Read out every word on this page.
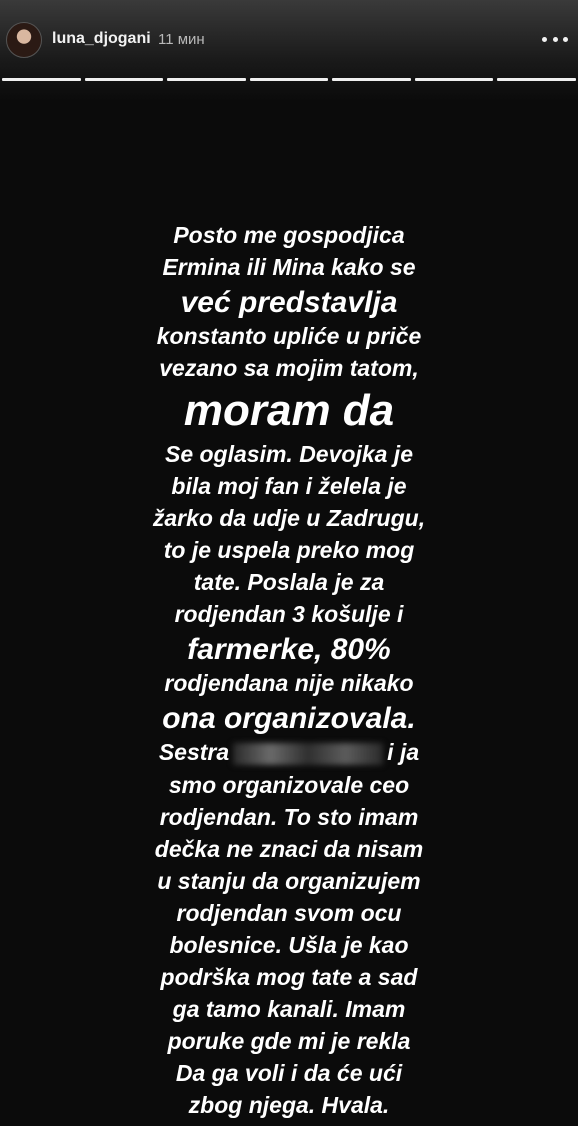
luna_djogani 11 мин
Posto me gospodjica
Ermina ili Mina kako se
već predstavlja
konstanto upliće u priče
vezano sa mojim tatom,
moram da
Se oglasim. Devojka je
bila moj fan i želela je
žarko da udje u Zadrugu,
to je uspela preko mog
tate. Poslala je za
rodjendan 3 košulje i
farmerke, 80%
rodjendana nije nikako
ona organizovala.
Sestra	i ja
smo organizovale ceo
rodjendan. To sto imam
dečka ne znaci da nisam
u stanju da organizujem
rodjendan svom ocu
bolesnice. Ušla je kao
podrška mog tate a sad
ga tamo kanali. Imam
poruke gde mi je rekla
Da ga voli i da će ući
zbog njega. Hvala.
